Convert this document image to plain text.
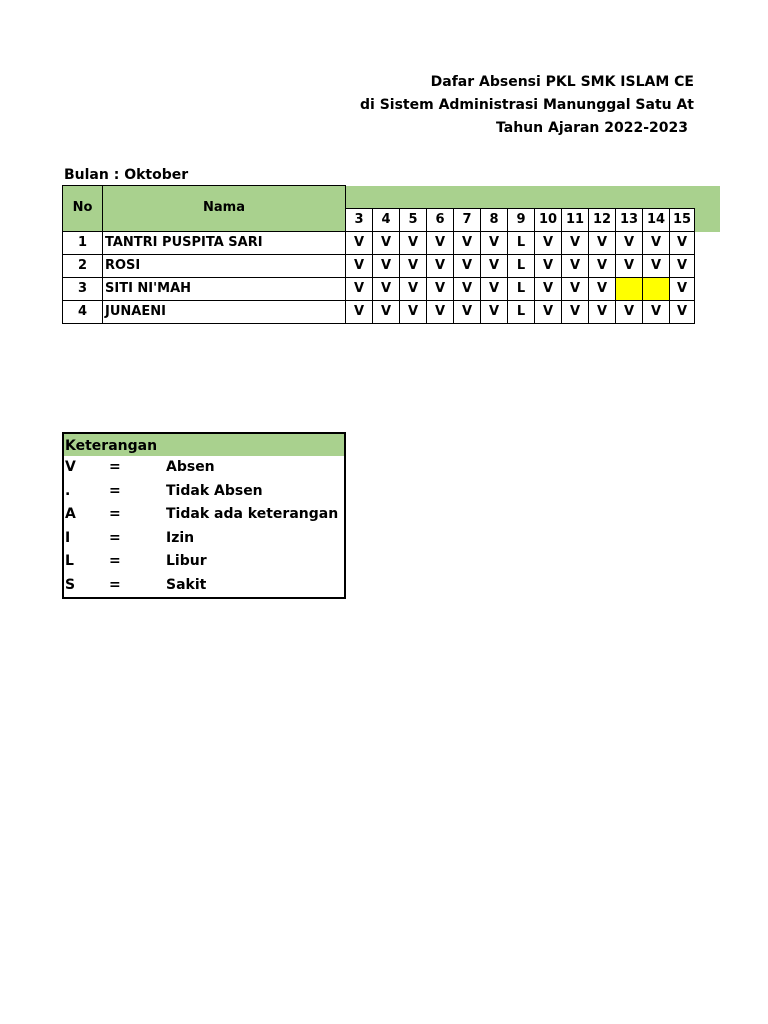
Dafar Absensi PKL SMK ISLAM CE
di Sistem Administrasi Manunggal Satu At
Tahun Ajaran 2022-2023
Bulan : Oktober
No	Nama													
		3	4	5	6	7	8	9	10	11	12	13	14	15
1	TANTRI PUSPITA SARI	V	V	V	V	V	V	L	V	V	V	V	V	V
2	ROSI	V	V	V	V	V	V	L	V	V	V	V	V	V
3	SITI NI'MAH	V	V	V	V	V	V	L	V	V	V			V
4	JUNAENI	V	V	V	V	V	V	L	V	V	V	V	V	V
Keterangan
V =	Absen
.	=	Tidak Absen
A =	Tidak ada keterangan
I	=	Izin
L	=	Libur
S =	Sakit
